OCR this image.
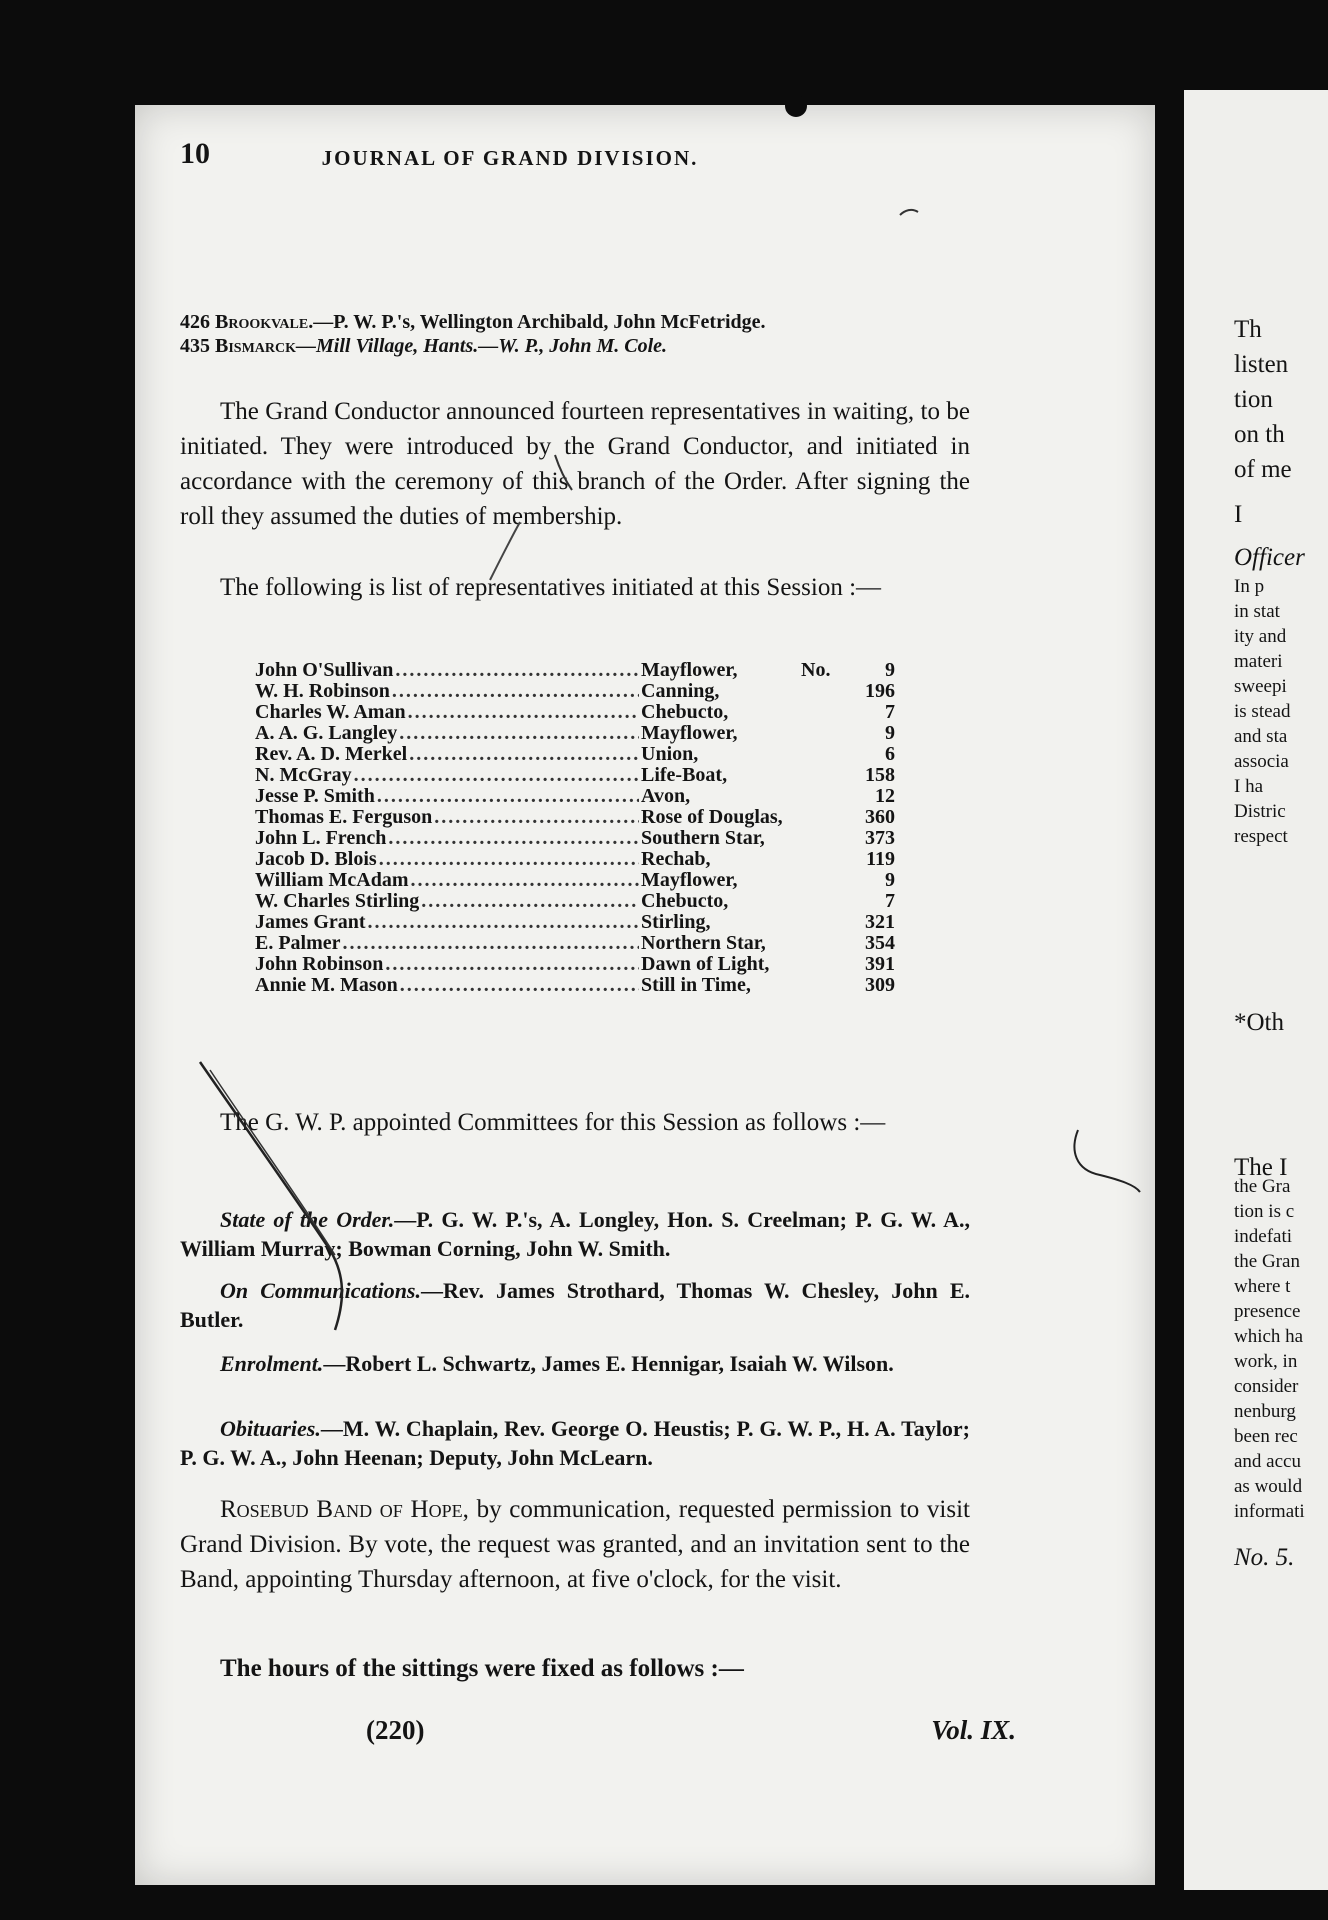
Th
listen
tion
on th
of me
I
Officer
In p
in stat
ity and
materi
sweepi
is stead
and sta
associa
I ha
Distric
respect
*Oth
The I
the Gra
tion is c
indefati
the Gran
where t
presence
which ha
work, in
consider
nenburg
been rec
and accu
as would
informati
No. 5.
10	JOURNAL OF GRAND DIVISION.
426 Brookvale.—P. W. P.'s, Wellington Archibald, John McFetridge.
435 Bismarck—Mill Village, Hants.—W. P., John M. Cole.
The Grand Conductor announced fourteen representatives in waiting, to be initiated. They were introduced by the Grand Conductor, and initiated in accordance with the ceremony of this branch of the Order. After signing the roll they assumed the duties of membership.
The following is list of representatives initiated at this Session :—
John O'Sullivan .....	Mayflower,	No.	9
W. H. Robinson .....	Canning,	196
Charles W. Aman .....	Chebucto,	7
A. A. G. Langley .....	Mayflower,	9
Rev. A. D. Merkel .....	Union,	6
N. McGray .....	Life-Boat,	158
Jesse P. Smith .....	Avon,	12
Thomas E. Ferguson .....	Rose of Douglas,	360
John L. French .....	Southern Star,	373
Jacob D. Blois .....	Rechab,	119
William McAdam .....	Mayflower,	9
W. Charles Stirling .....	Chebucto,	7
James Grant .....	Stirling,	321
E. Palmer .....	Northern Star,	354
John Robinson .....	Dawn of Light,	391
Annie M. Mason .....	Still in Time,	309
The G. W. P. appointed Committees for this Session as follows :—
State of the Order.—P. G. W. P.'s, A. Longley, Hon. S. Creelman; P. G. W. A., William Murray; Bowman Corning, John W. Smith.
On Communications.—Rev. James Strothard, Thomas W. Chesley, John E. Butler.
Enrolment.—Robert L. Schwartz, James E. Hennigar, Isaiah W. Wilson.
Obituaries.—M. W. Chaplain, Rev. George O. Heustis; P. G. W. P., H. A. Taylor; P. G. W. A., John Heenan; Deputy, John McLearn.
Rosebud Band of Hope, by communication, requested permission to visit Grand Division. By vote, the request was granted, and an invitation sent to the Band, appointing Thursday afternoon, at five o'clock, for the visit.
The hours of the sittings were fixed as follows :—
(220)	Vol. IX.
